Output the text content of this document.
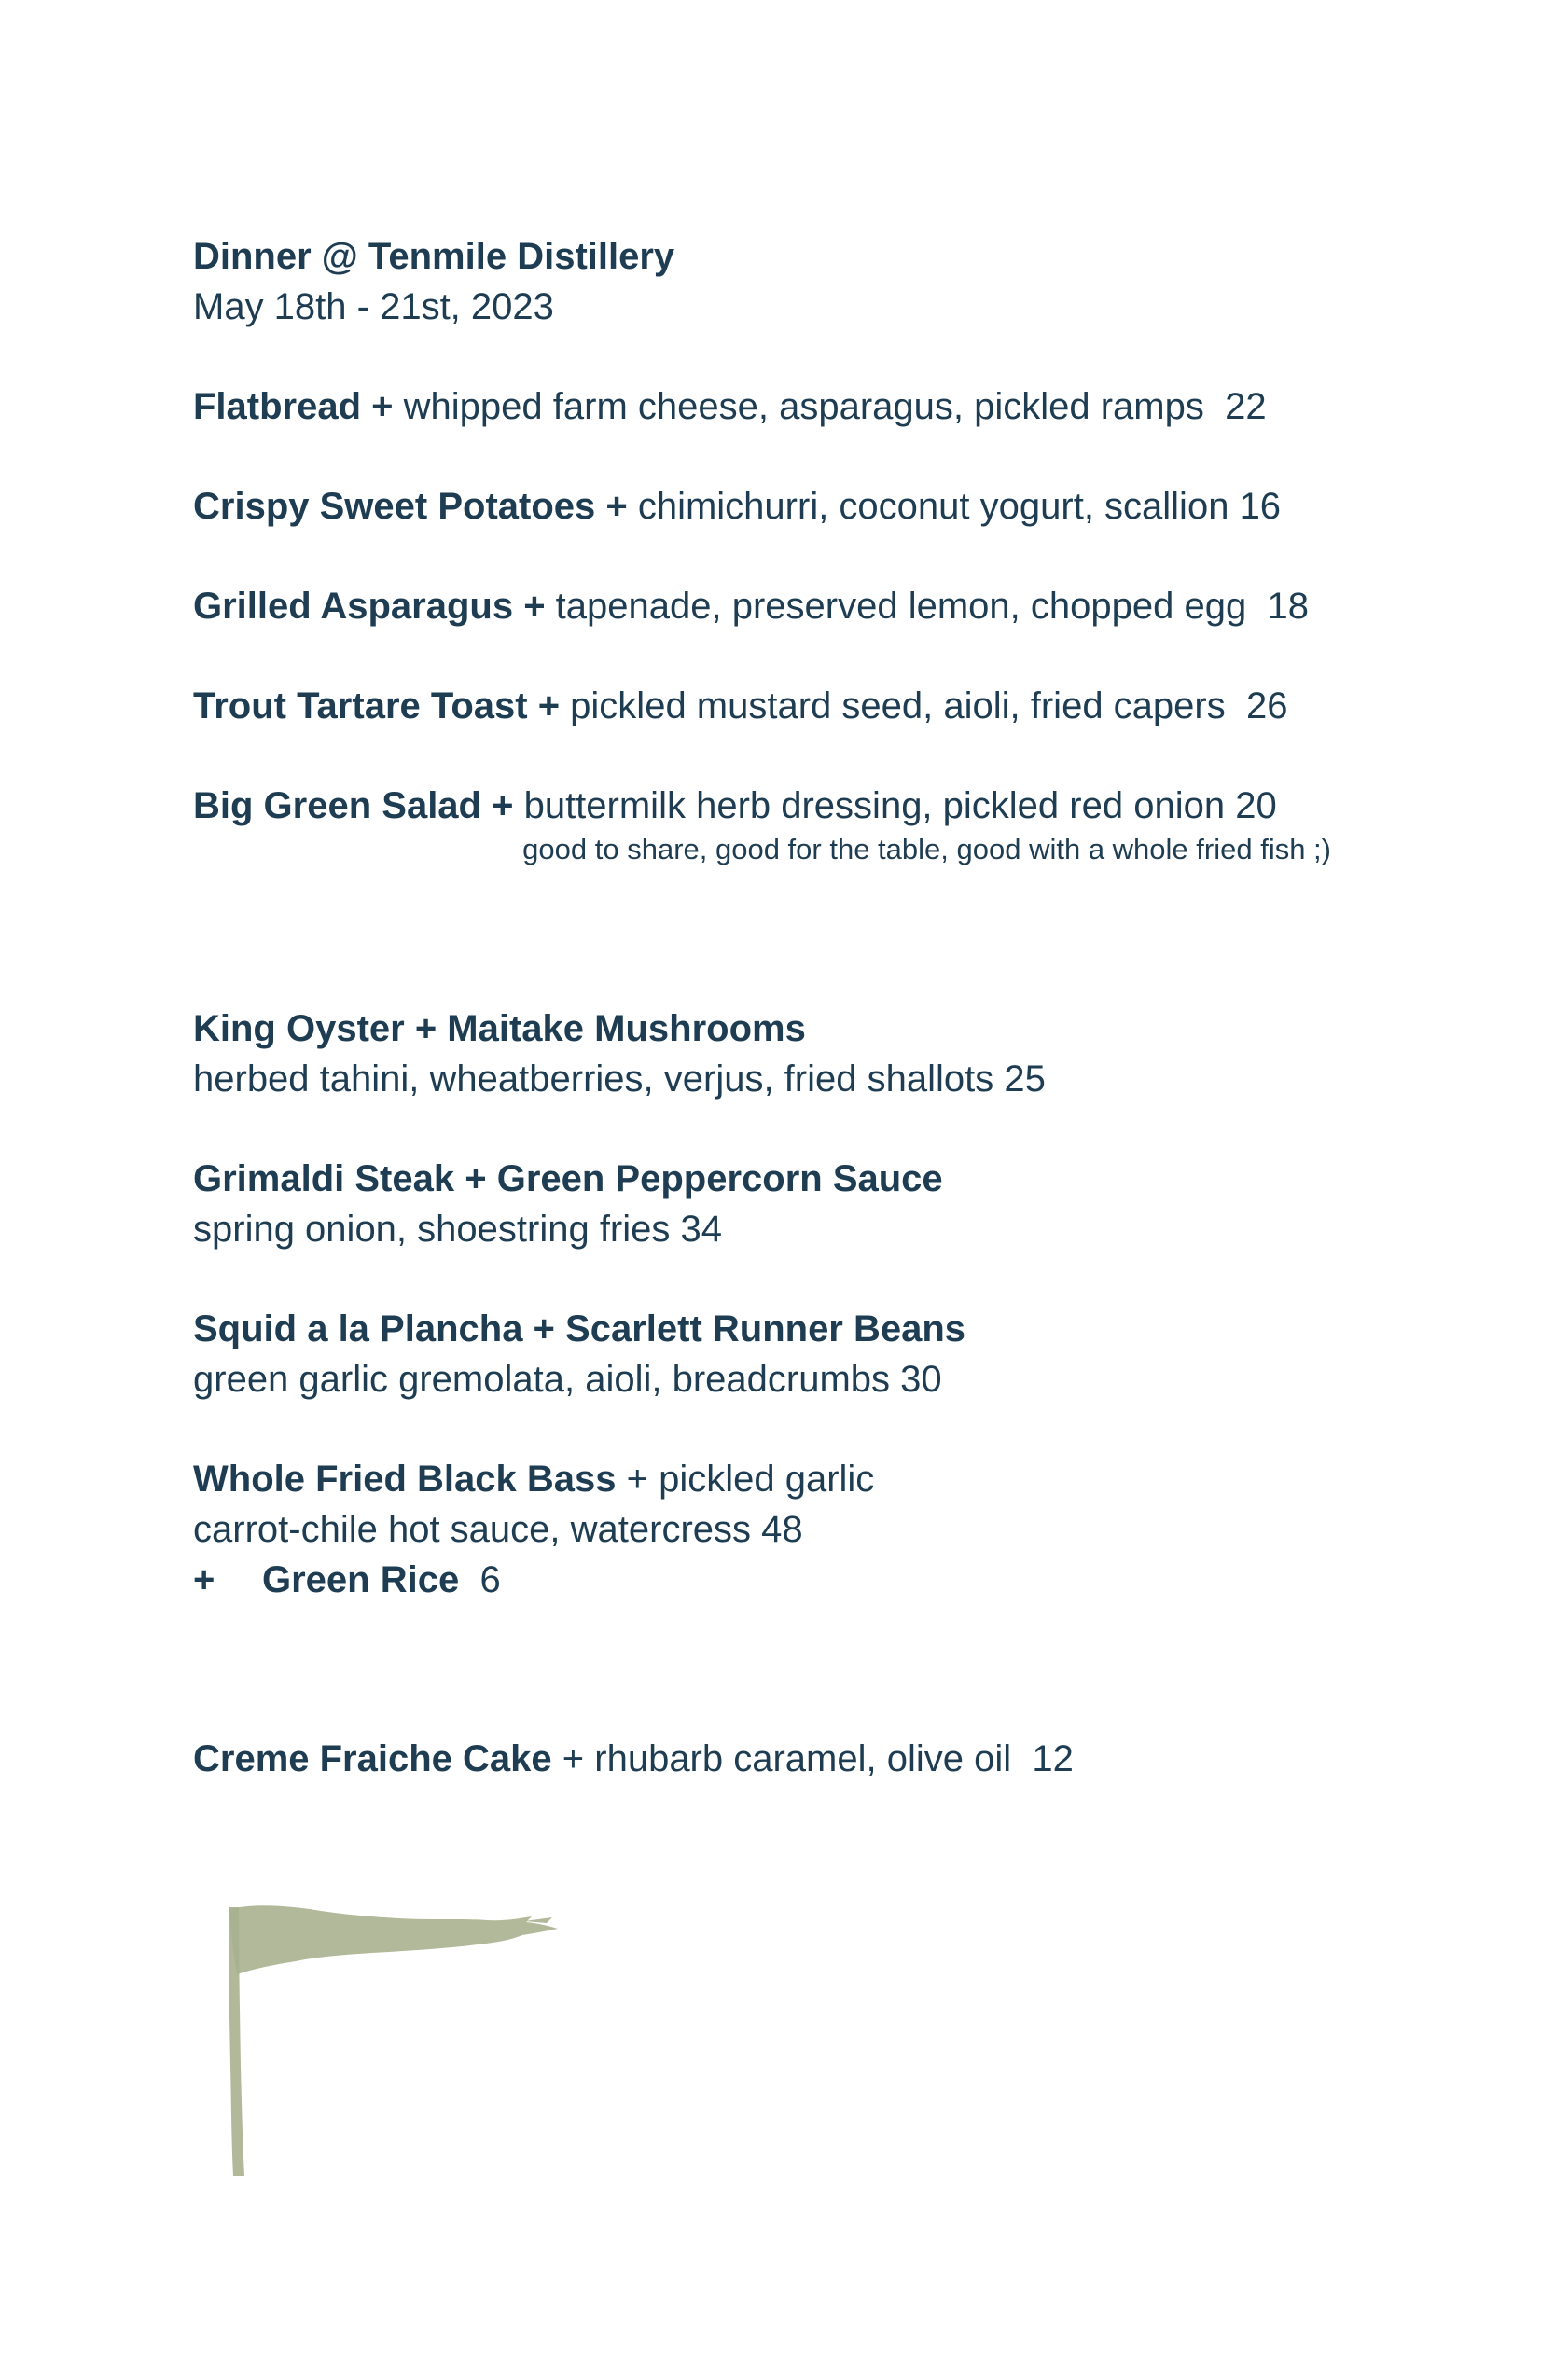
Dinner @ Tenmile Distillery

May 18th - 21st, 2023

Flatbread + whipped farm cheese, asparagus, pickled ramps 22

Crispy Sweet Potatoes + chimichurri, coconut yogurt, scallion 16

Grilled Asparagus + tapenade, preserved lemon, chopped egg 18

Trout Tartare Toast + pickled mustard seed, aioli, fried capers 26

Big Green Salad + buttermilk herb dressing, pickled red onion 20

good to share, good for the table, good with a whole fried fish ;)

King Oyster + Maitake Mushrooms

herbed tahini, wheatberries, verjus, fried shallots 25

Grimaldi Steak + Green Peppercorn Sauce

spring onion, shoestring fries 34

Squid a la Plancha + Scarlett Runner Beans

green garlic gremolata, aioli, breadcrumbs 30

Whole Fried Black Bass + pickled garlic

carrot-chile hot sauce, watercress 48

+ Green Rice 6

Creme Fraiche Cake + rhubarb caramel, olive oil 12
